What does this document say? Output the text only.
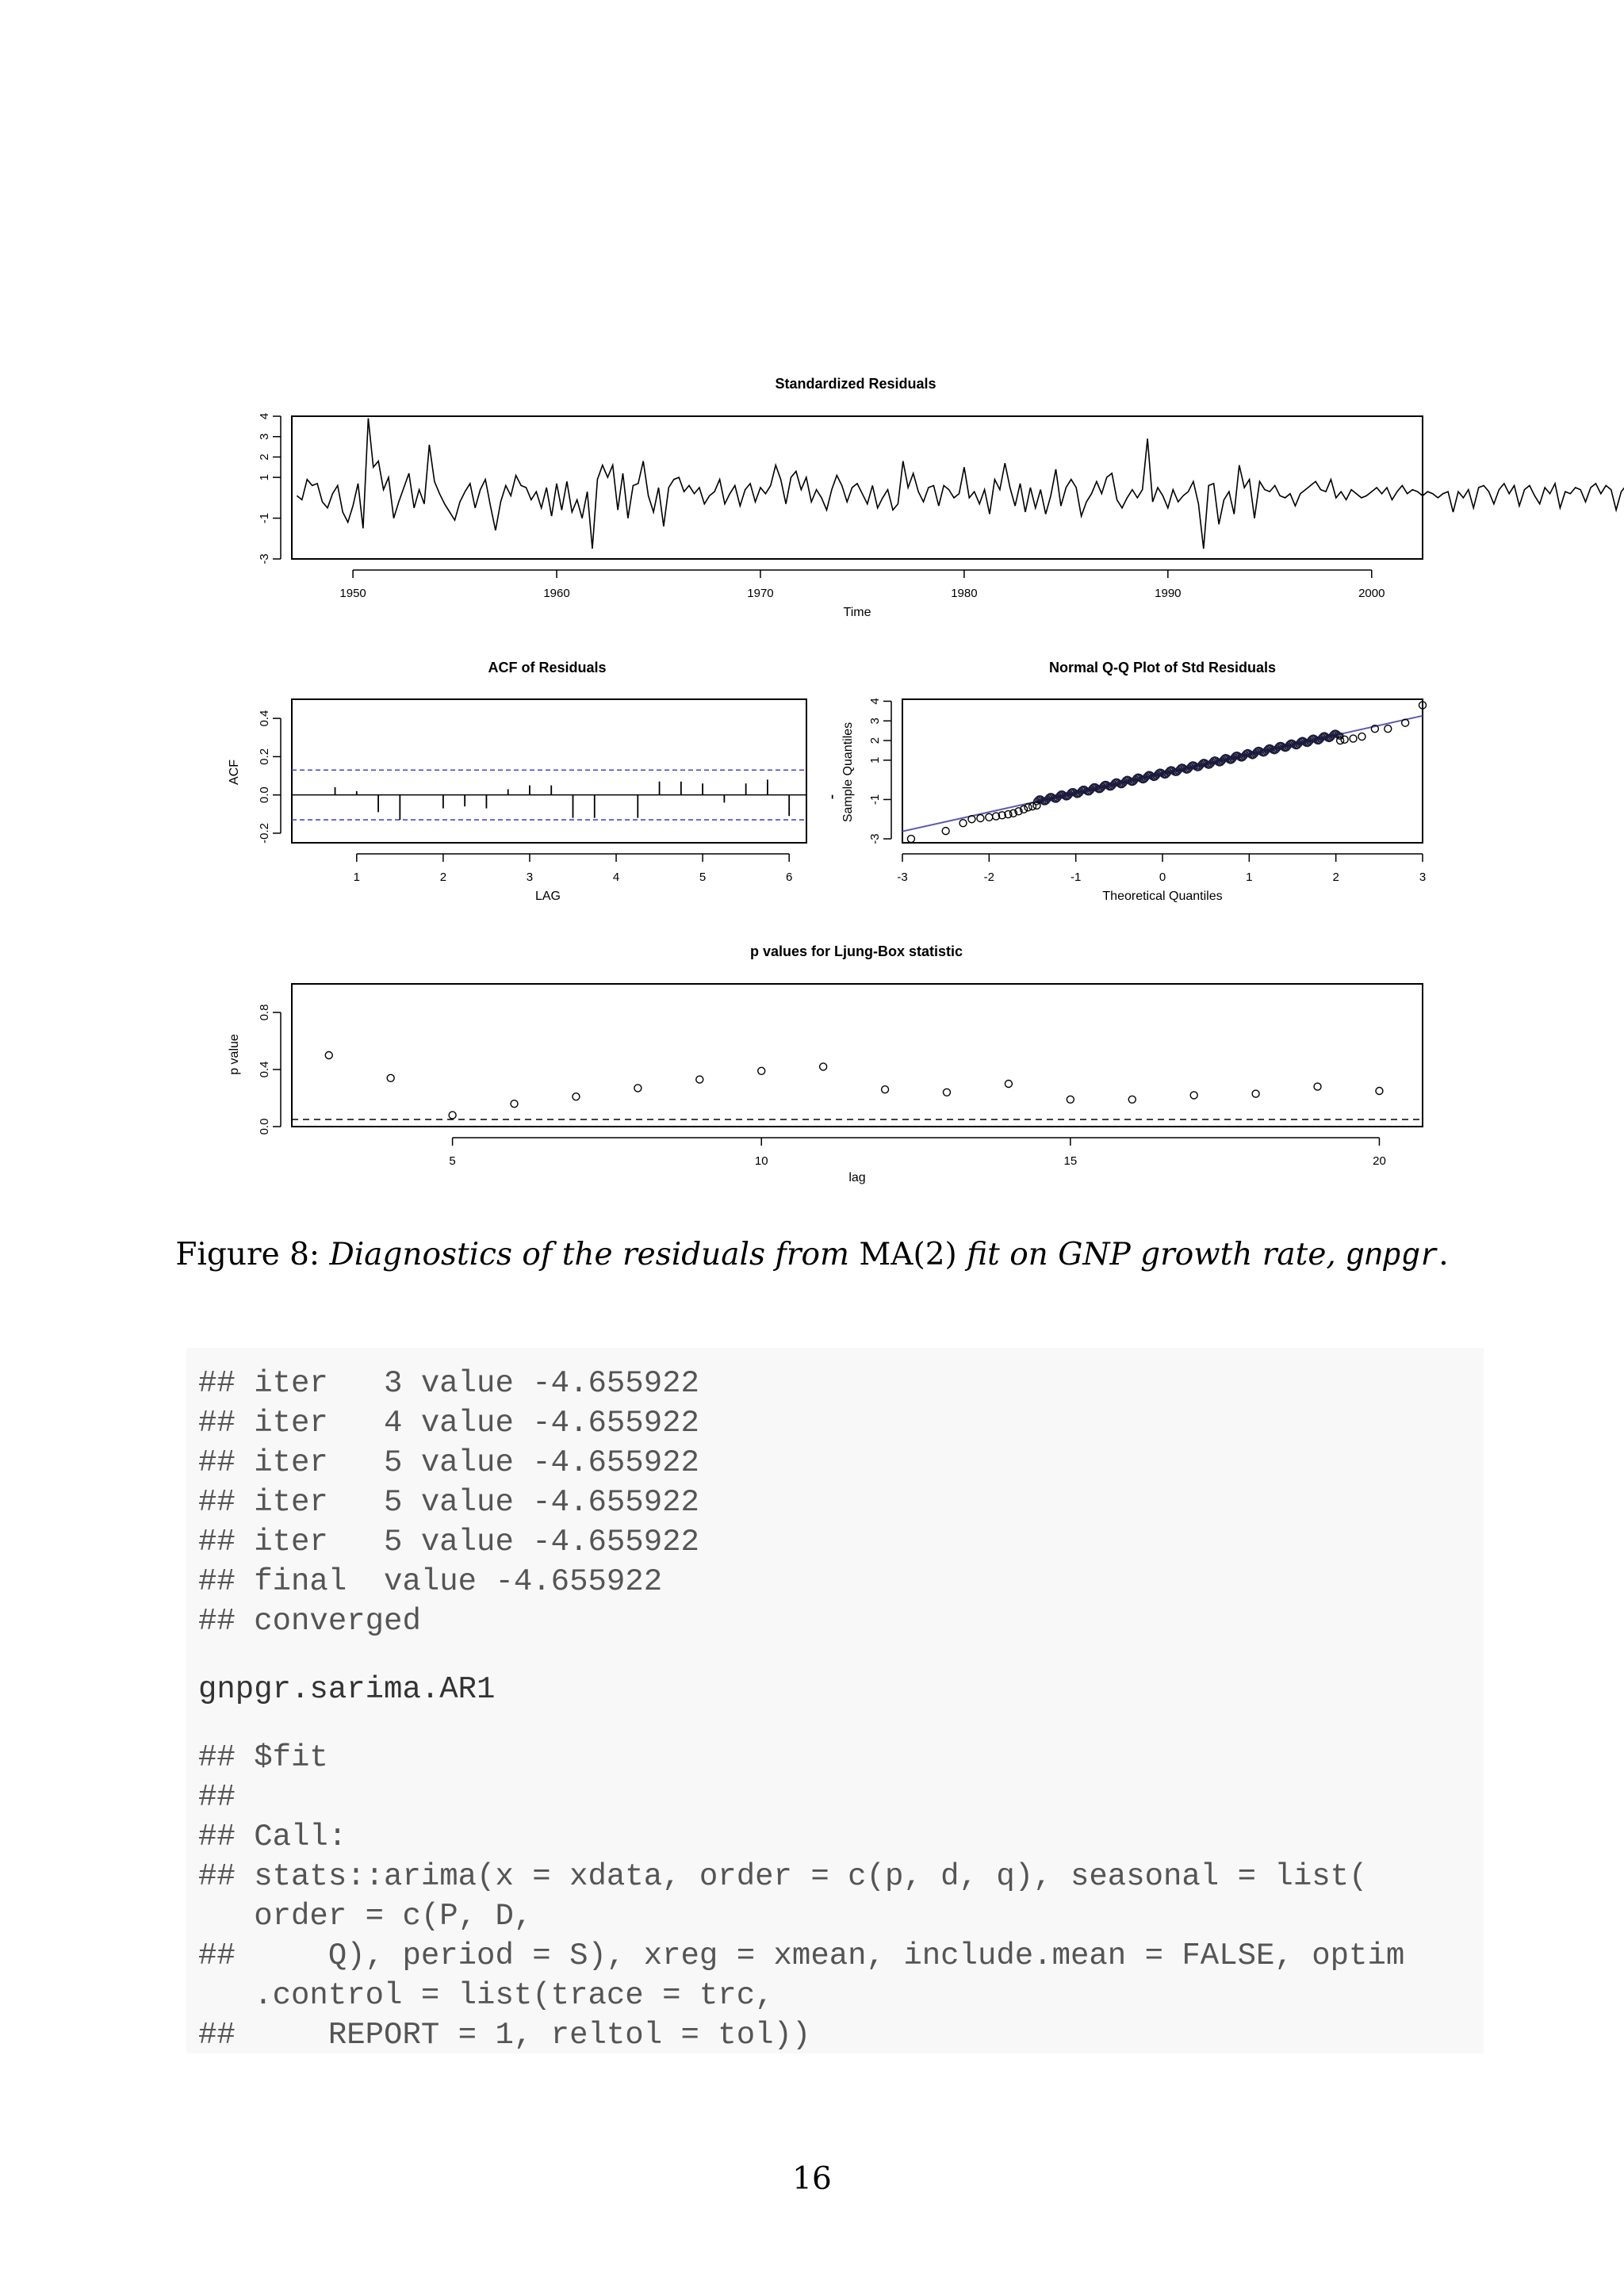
Standardized Residuals
1950	1960	1970	1980	1990	2000
-3
-1
1
2
3
4
Time
ACF of Residuals
1	2	3	4	5	6
-0.2
0.0
0.2
0.4
LAG
ACF
Normal Q-Q Plot of Std Residuals
-3	-2	-1	0	1	2	3
-3
-1
1
2
3
4
Theoretical Quantiles
Sample Quantiles
p values for Ljung-Box statistic
5	10	15	20
0.0
0.4
0.8
lag
p value
Figure 8: Diagnostics of the residuals from MA(2) fit on GNP growth rate, gnpgr.
## iter   3 value -4.655922
## iter   4 value -4.655922
## iter   5 value -4.655922
## iter   5 value -4.655922
## iter   5 value -4.655922
## final  value -4.655922
## converged
gnpgr.sarima.AR1
## $fit
##
## Call:
## stats::arima(x = xdata, order = c(p, d, q), seasonal = list(
order = c(P, D,
##     Q), period = S), xreg = xmean, include.mean = FALSE, optim
.control = list(trace = trc,
##     REPORT = 1, reltol = tol))
16
